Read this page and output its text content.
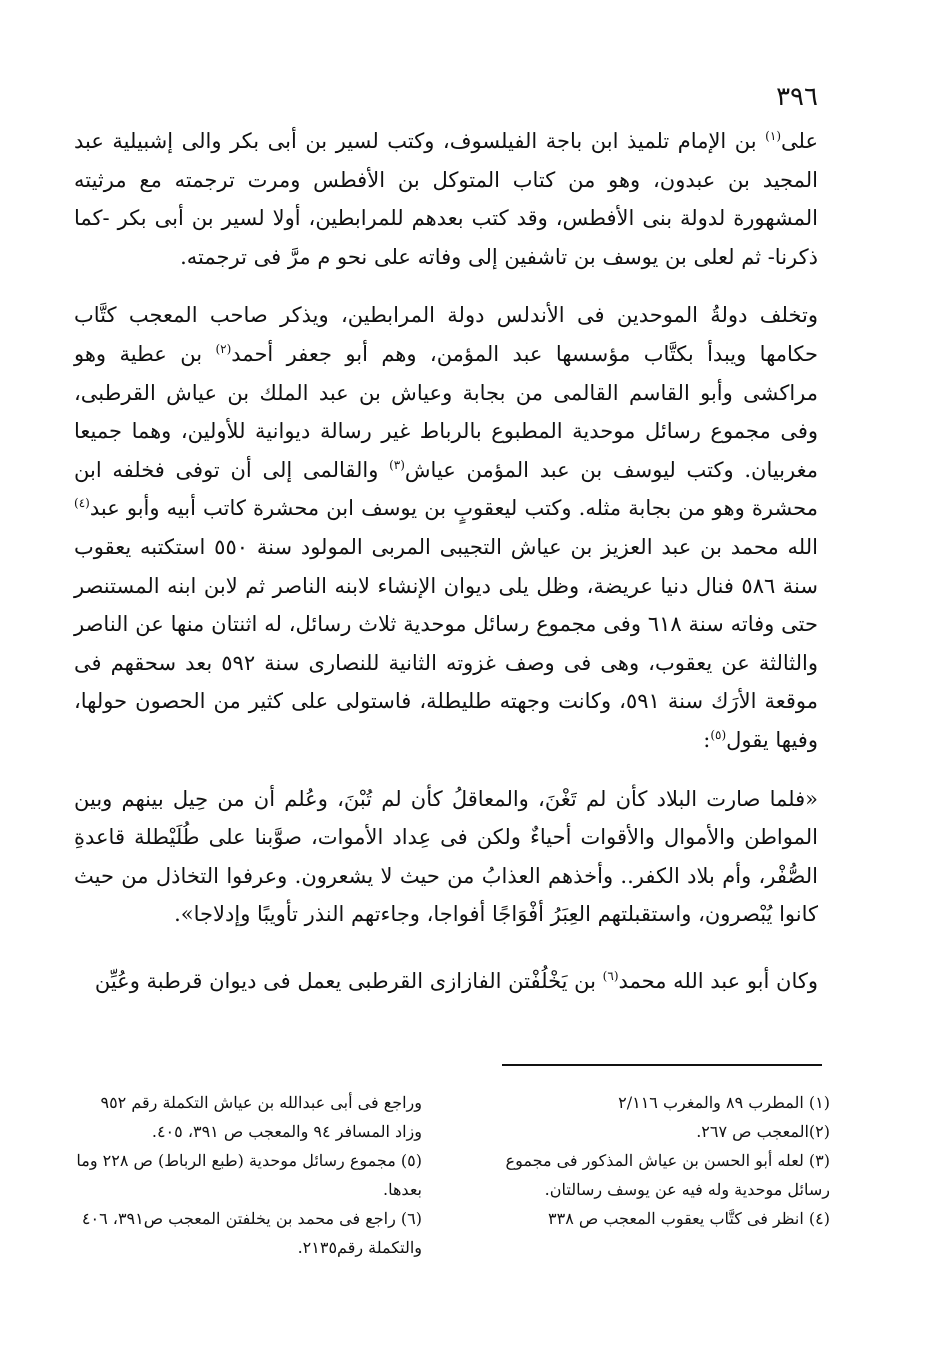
٣٩٦

على$^{(١)}$ بن الإمام تلميذ ابن باجة الفيلسوف، وكتب لسير بن أبى بكر والى إشبيلية عبد المجيد بن عبدون، وهو من كتاب المتوكل بن الأفطس ومرت ترجمته مع مرثيته المشهورة لدولة بنى الأفطس، وقد كتب بعدهم للمرابطين، أولا لسير بن أبى بكر -كما ذكرنا- ثم لعلى بن يوسف بن تاشفين إلى وفاته على نحو م مرَّ فى ترجمته.

وتخلف دولةُ الموحدين فى الأندلس دولة المرابطين، ويذكر صاحب المعجب كتَّاب حكامها ويبدأ بكتَّاب مؤسسها عبد المؤمن، وهم أبو جعفر أحمد$^{(٢)}$ بن عطية وهو مراكشى وأبو القاسم القالمى من بجابة وعياش بن عبد الملك بن عياش القرطبى، وفى مجموع رسائل موحدية المطبوع بالرباط غير رسالة ديوانية للأولين، وهما جميعا مغربيان. وكتب ليوسف بن عبد المؤمن عياش$^{(٣)}$ والقالمى إلى أن توفى فخلفه ابن محشرة وهو من بجابة مثله. وكتب ليعقوبٍ بن يوسف ابن محشرة كاتب أبيه وأبو عبد$^{(٤)}$ الله محمد بن عبد العزيز بن عياش التجيبى المربى المولود سنة ٥٥٠ استكتبه يعقوب سنة ٥٨٦ فنال دنيا عريضة، وظل يلى ديوان الإنشاء لابنه الناصر ثم لابن ابنه المستنصر حتى وفاته سنة ٦١٨ وفى مجموع رسائل موحدية ثلاث رسائل، له اثنتان منها عن الناصر والثالثة عن يعقوب، وهى فى وصف غزوته الثانية للنصارى سنة ٥٩٢ بعد سحقهم فى موقعة الأرَك سنة ٥٩١، وكانت وجهته طليطلة، فاستولى على كثير من الحصون حولها، وفيها يقول$^{(٥)}$:

«فلما صارت البلاد كأن لم تَغْنَ، والمعاقلُ كأن لم تُبْنَ، وعُلم أن من حِيل بينهم وبين المواطن والأموال والأقوات أحياءٌ ولكن فى عِداد الأموات، صوَّبنا على طُلَيْطلة قاعدةِ الصُّفْر، وأم بلاد الكفر.. وأخذهم العذابُ من حيث لا يشعرون. وعرفوا التخاذل من حيث كانوا يُبْصرون، واستقبلتهم العِبَرُ أفْوَاجًا أفواجا، وجاءتهم النذر تأويبًا وإدلاجا».

وكان أبو عبد الله محمد$^{(٦)}$ بن يَخْلُفْتن الفازازى القرطبى يعمل فى ديوان قرطبة وعُيِّن

(١) المطرب ٨٩ والمغرب ٢/١١٦
(٢)المعجب ص ٢٦٧.
(٣) لعله أبو الحسن بن عياش المذكور فى مجموع رسائل موحدية وله فيه عن يوسف رسالتان.
(٤) انظر فى كتَّاب يعقوب المعجب ص ٣٣٨
وراجع فى أبى عبدالله بن عياش التكملة رقم ٩٥٢ وزاد المسافر ٩٤ والمعجب ص ٣٩١، ٤٠٥.
(٥) مجموع رسائل موحدية (طبع الرباط) ص ٢٢٨ وما بعدها.
(٦) راجع فى محمد بن يخلفتن المعجب ص٣٩١، ٤٠٦ والتكملة رقم٢١٣٥.
